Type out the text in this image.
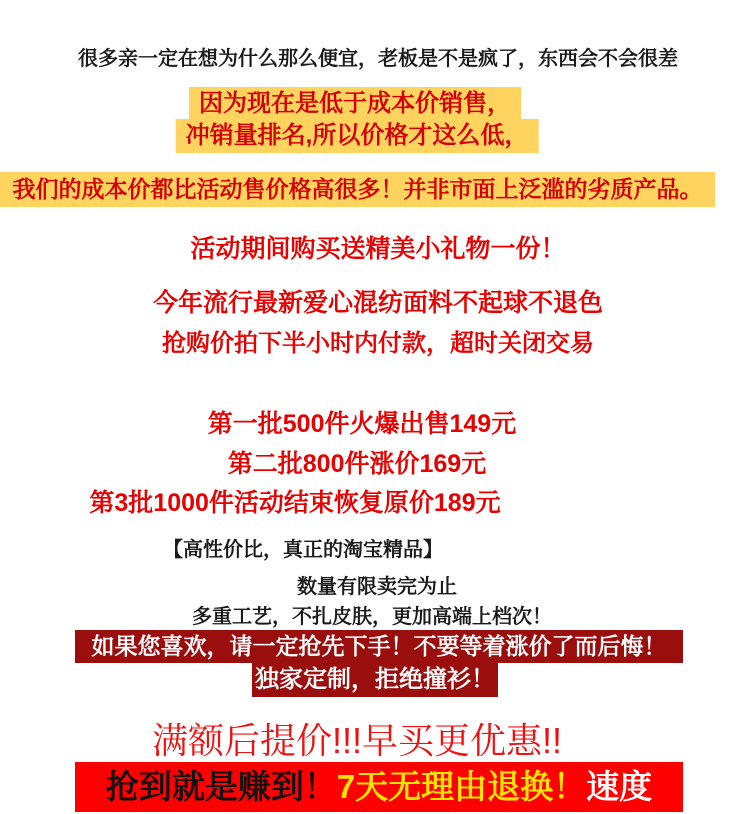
很多亲一定在想为什么那么便宜，老板是不是疯了，东西会不会很差
因为现在是低于成本价销售，
冲销量排名,所以价格才这么低，
我们的成本价都比活动售价格高很多！并非市面上泛滥的劣质产品。
活动期间购买送精美小礼物一份！
今年流行最新爱心混纺面料不起球不退色
抢购价拍下半小时内付款，超时关闭交易
第一批500件火爆出售149元
第二批800件涨价169元
第3批1000件活动结束恢复原价189元
【高性价比，真正的淘宝精品】
数量有限卖完为止
多重工艺，不扎皮肤，更加高端上档次！
如果您喜欢，请一定抢先下手！不要等着涨价了而后悔！
独家定制，拒绝撞衫！
满额后提价!!!早买更优惠!!
抢到就是赚到！7天无理由退换！速度
